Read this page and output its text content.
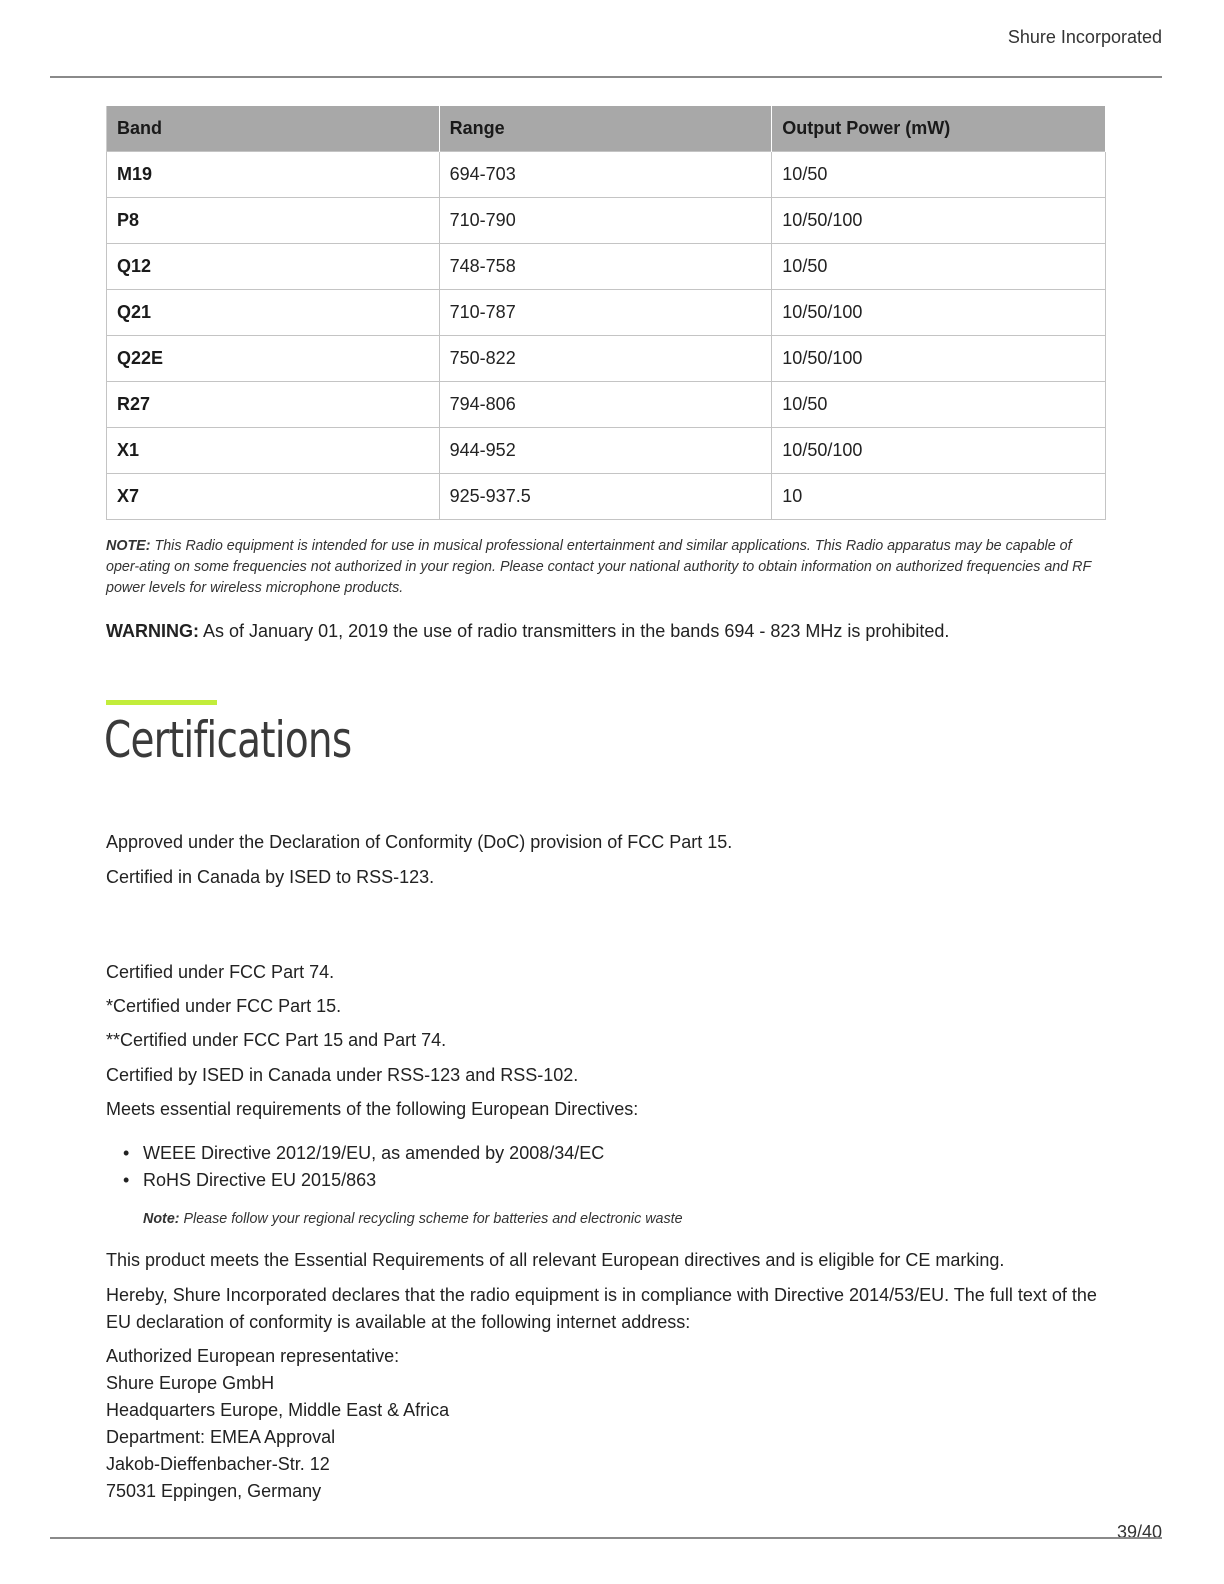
Shure Incorporated
Band	Range	Output Power (mW)
M19	694-703	10/50
P8	710-790	10/50/100
Q12	748-758	10/50
Q21	710-787	10/50/100
Q22E	750-822	10/50/100
R27	794-806	10/50
X1	944-952	10/50/100
X7	925-937.5	10
NOTE: This Radio equipment is intended for use in musical professional entertainment and similar applications. This Radio apparatus may be capable of oper-ating on some frequencies not authorized in your region. Please contact your national authority to obtain information on authorized frequencies and RF power levels for wireless microphone products.
WARNING: As of January 01, 2019 the use of radio transmitters in the bands 694 - 823 MHz is prohibited.
Certifications

Approved under the Declaration of Conformity (DoC) provision of FCC Part 15.

Certified in Canada by ISED to RSS-123.

Certified under FCC Part 74.

*Certified under FCC Part 15.

**Certified under FCC Part 15 and Part 74.

Certified by ISED in Canada under RSS-123 and RSS-102.

Meets essential requirements of the following European Directives:

• WEEE Directive 2012/19/EU, as amended by 2008/34/EC
• RoHS Directive EU 2015/863
Note: Please follow your regional recycling scheme for batteries and electronic waste

This product meets the Essential Requirements of all relevant European directives and is eligible for CE marking.

Hereby, Shure Incorporated declares that the radio equipment is in compliance with Directive 2014/53/EU. The full text of the EU declaration of conformity is available at the following internet address:

Authorized European representative:
Shure Europe GmbH
Headquarters Europe, Middle East & Africa
Department: EMEA Approval
Jakob-Dieffenbacher-Str. 12
75031 Eppingen, Germany
39/40
